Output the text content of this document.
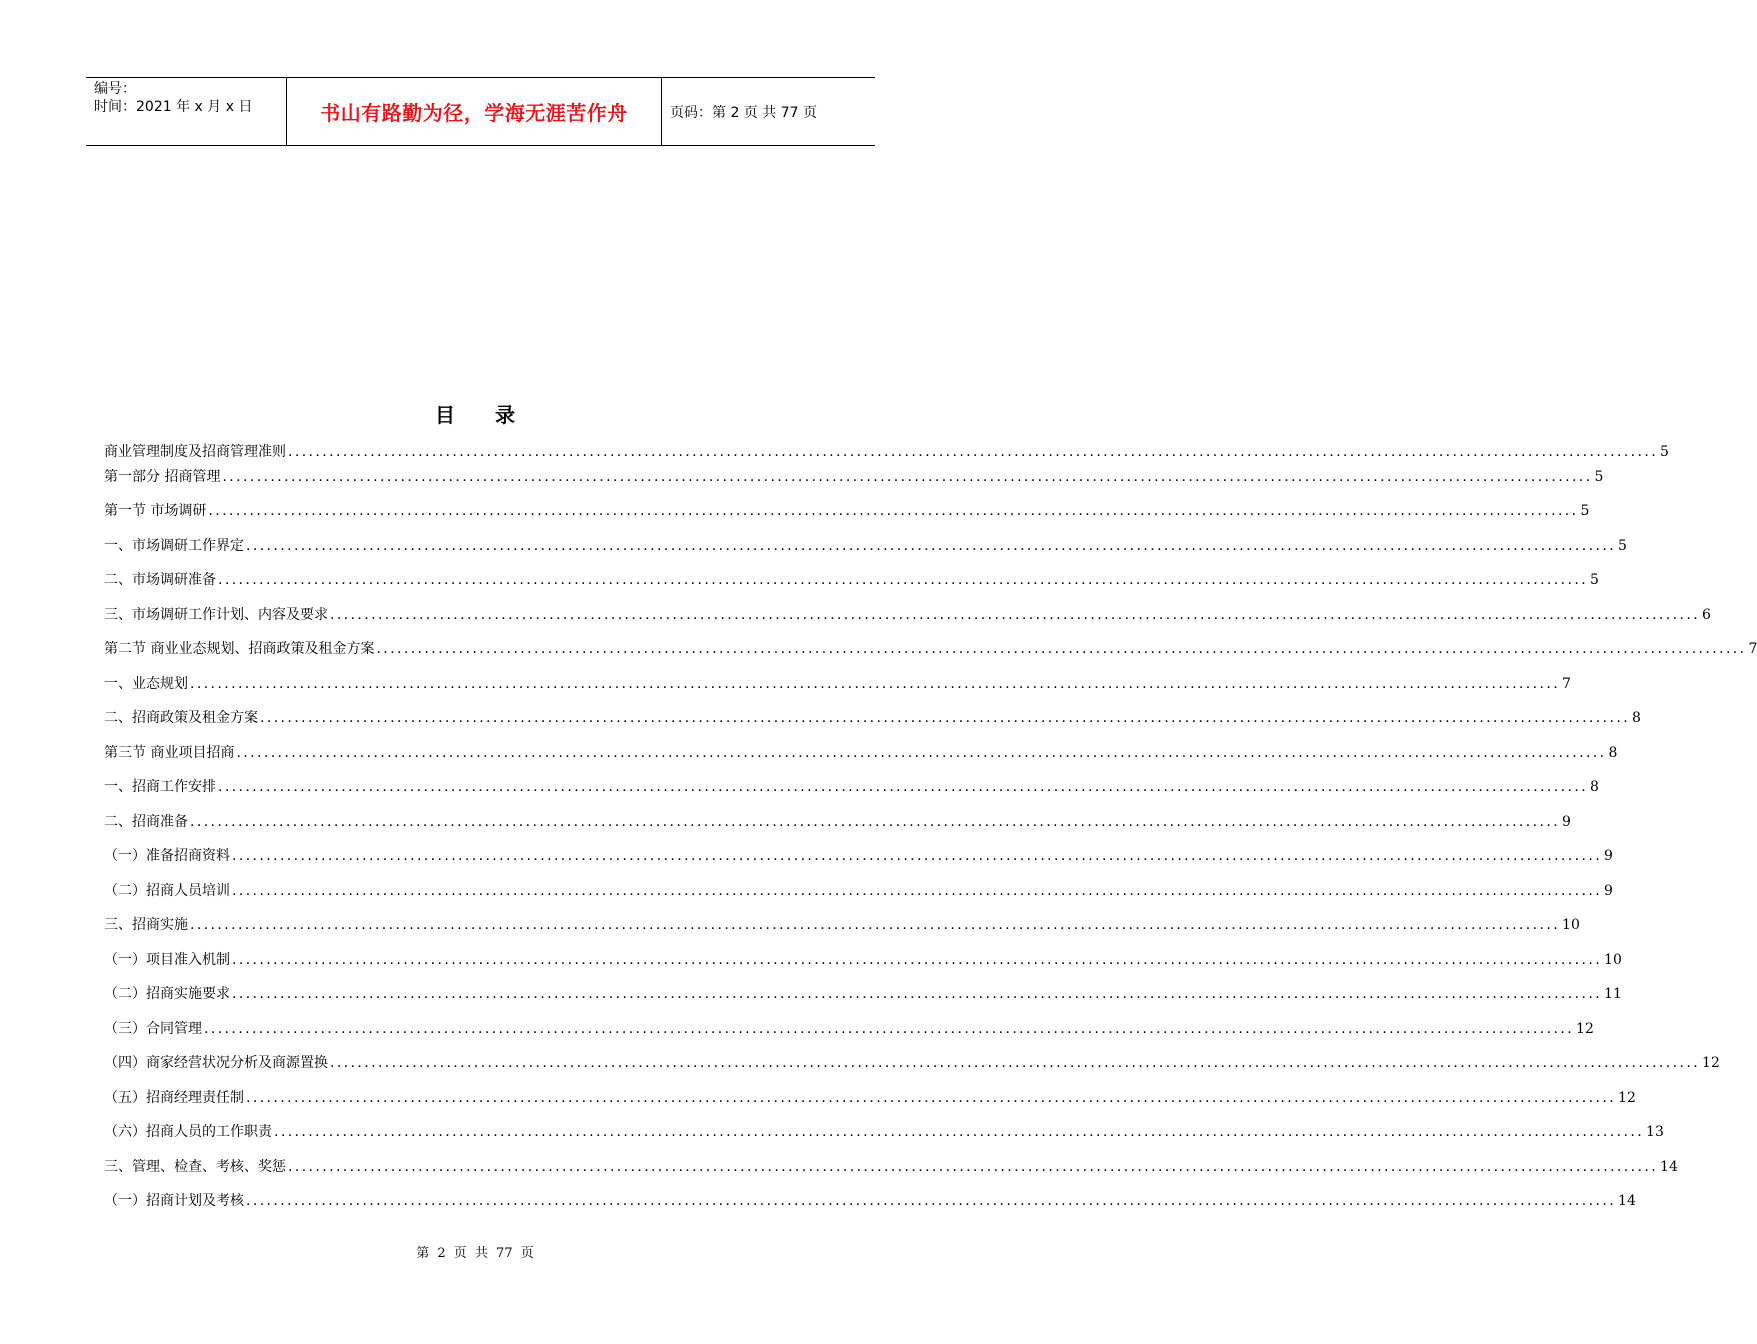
编号：
时间：2021 年 x 月 x 日	书山有路勤为径，学海无涯苦作舟	页码：第 2 页 共 77 页
目录
商业管理制度及招商管理准则 ........................................................................................................................................................................................................ 5
第一部分 招商管理 ........................................................................................................................................................................................................ 5
第一节 市场调研 ........................................................................................................................................................................................................ 5
一、市场调研工作界定 ........................................................................................................................................................................................................ 5
二、市场调研准备 ........................................................................................................................................................................................................ 5
三、市场调研工作计划、内容及要求 ........................................................................................................................................................................................................ 6
第二节 商业业态规划、招商政策及租金方案 ........................................................................................................................................................................................................ 7
一、业态规划 ........................................................................................................................................................................................................ 7
二、招商政策及租金方案 ........................................................................................................................................................................................................ 8
第三节 商业项目招商 ........................................................................................................................................................................................................ 8
一、招商工作安排 ........................................................................................................................................................................................................ 8
二、招商准备 ........................................................................................................................................................................................................ 9
（一）准备招商资料 ........................................................................................................................................................................................................ 9
（二）招商人员培训 ........................................................................................................................................................................................................ 9
三、招商实施 ........................................................................................................................................................................................................ 10
（一）项目准入机制 ........................................................................................................................................................................................................ 10
（二）招商实施要求 ........................................................................................................................................................................................................ 11
（三）合同管理 ........................................................................................................................................................................................................ 12
（四）商家经营状况分析及商源置换 ........................................................................................................................................................................................................ 12
（五）招商经理责任制 ........................................................................................................................................................................................................ 12
（六）招商人员的工作职责 ........................................................................................................................................................................................................ 13
三、管理、检查、考核、奖惩 ........................................................................................................................................................................................................ 14
（一）招商计划及考核 ........................................................................................................................................................................................................ 14
第 2 页 共 77 页
